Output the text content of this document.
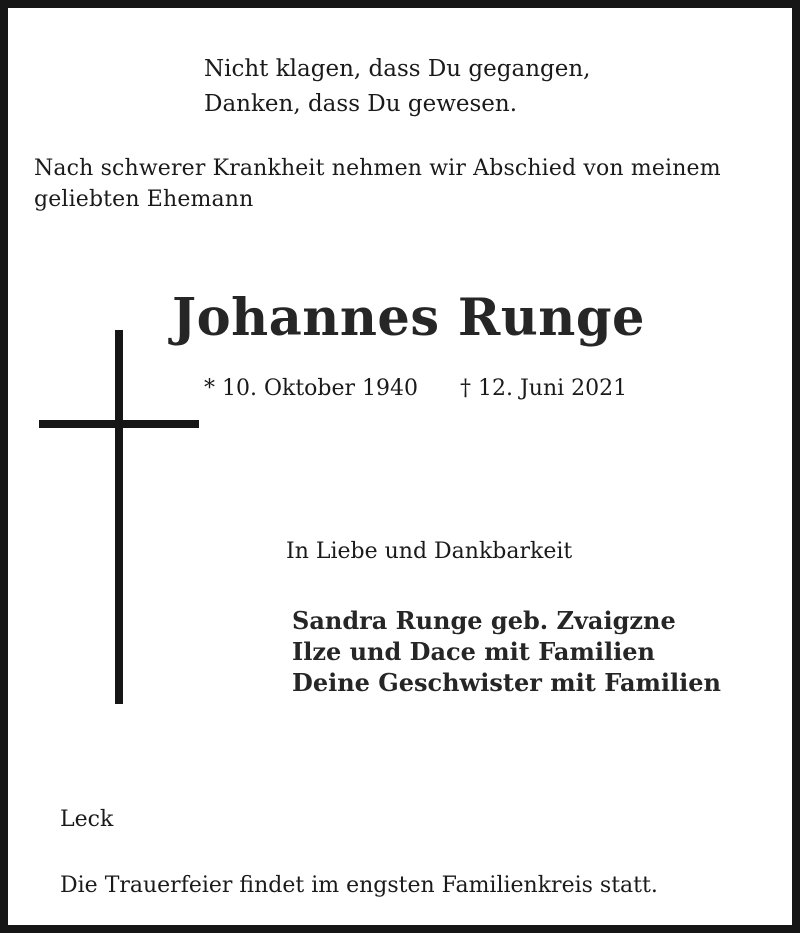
Nicht klagen, dass Du gegangen,
Danken, dass Du gewesen.
Nach schwerer Krankheit nehmen wir Abschied von meinem
geliebten Ehemann
Johannes Runge
* 10. Oktober 1940 † 12. Juni 2021
In Liebe und Dankbarkeit
Sandra Runge geb. Zvaigzne
Ilze und Dace mit Familien
Deine Geschwister mit Familien
Leck
Die Trauerfeier findet im engsten Familienkreis statt.
